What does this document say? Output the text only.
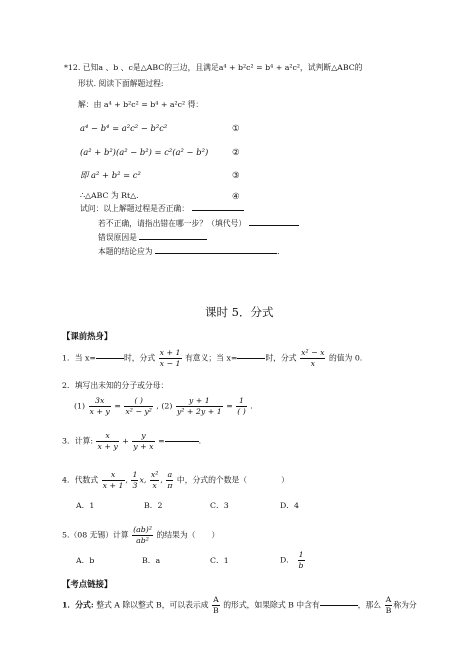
*12. 已知a 、b 、c是△ABC的三边，且满足a⁴ + b²c² = b⁴ + a²c²，试判断△ABC的
形状. 阅读下面解题过程:
解：由 a⁴ + b²c² = b⁴ + a²c² 得：
a⁴ − b⁴ = a²c² − b²c²	①
(a² + b²)(a² − b²) = c²(a² − b²)	②
即 a² + b² = c²	③
∴△ABC 为 Rt△.	④
试问：以上解题过程是否正确：
若不正确，请指出错在哪一步？（填代号）
错误原因是
本题的结论应为	.
课时 5．分式
【课前热身】
1．当 x=	时，分式 $\frac{x + 1}{x - 1}$ 有意义；当 x=	时，分式 $\frac{\text{x² − x}}{x}$ 的值为 0.
2．填写出未知的分子或分母：
$(1) \frac{3x}{x + y} = \frac{( )}{\text{x² − y²}}$ , $(2) \frac{y + 1}{\text{y² + 2y + 1}} = \frac{1}{( )}$ .
3．计算: $\frac{x}{x + y} + \frac{y}{y + x}$ =	.
4．代数式 $\frac{x}{x + 1}$ , $\frac{1}{3} x$, $\frac{\text{x²}}{x}$ , $\frac{a}{\pi}$ 中，分式的个数是（	）
A．1	B．2	C．3	D．4
5.（08 无锡）计算 $\frac{\text{(ab)²}}{\text{ab²}}$ 的结果为（ ）
A．b	B．a	C．1	D． $\frac{1}{b}$
【考点链接】
1．分式: 整式 A 除以整式 B，可以表示成 $\frac{A}{B}$ 的形式，如果除式 B 中含有	，那么 $\frac{A}{B}$ 称为分
